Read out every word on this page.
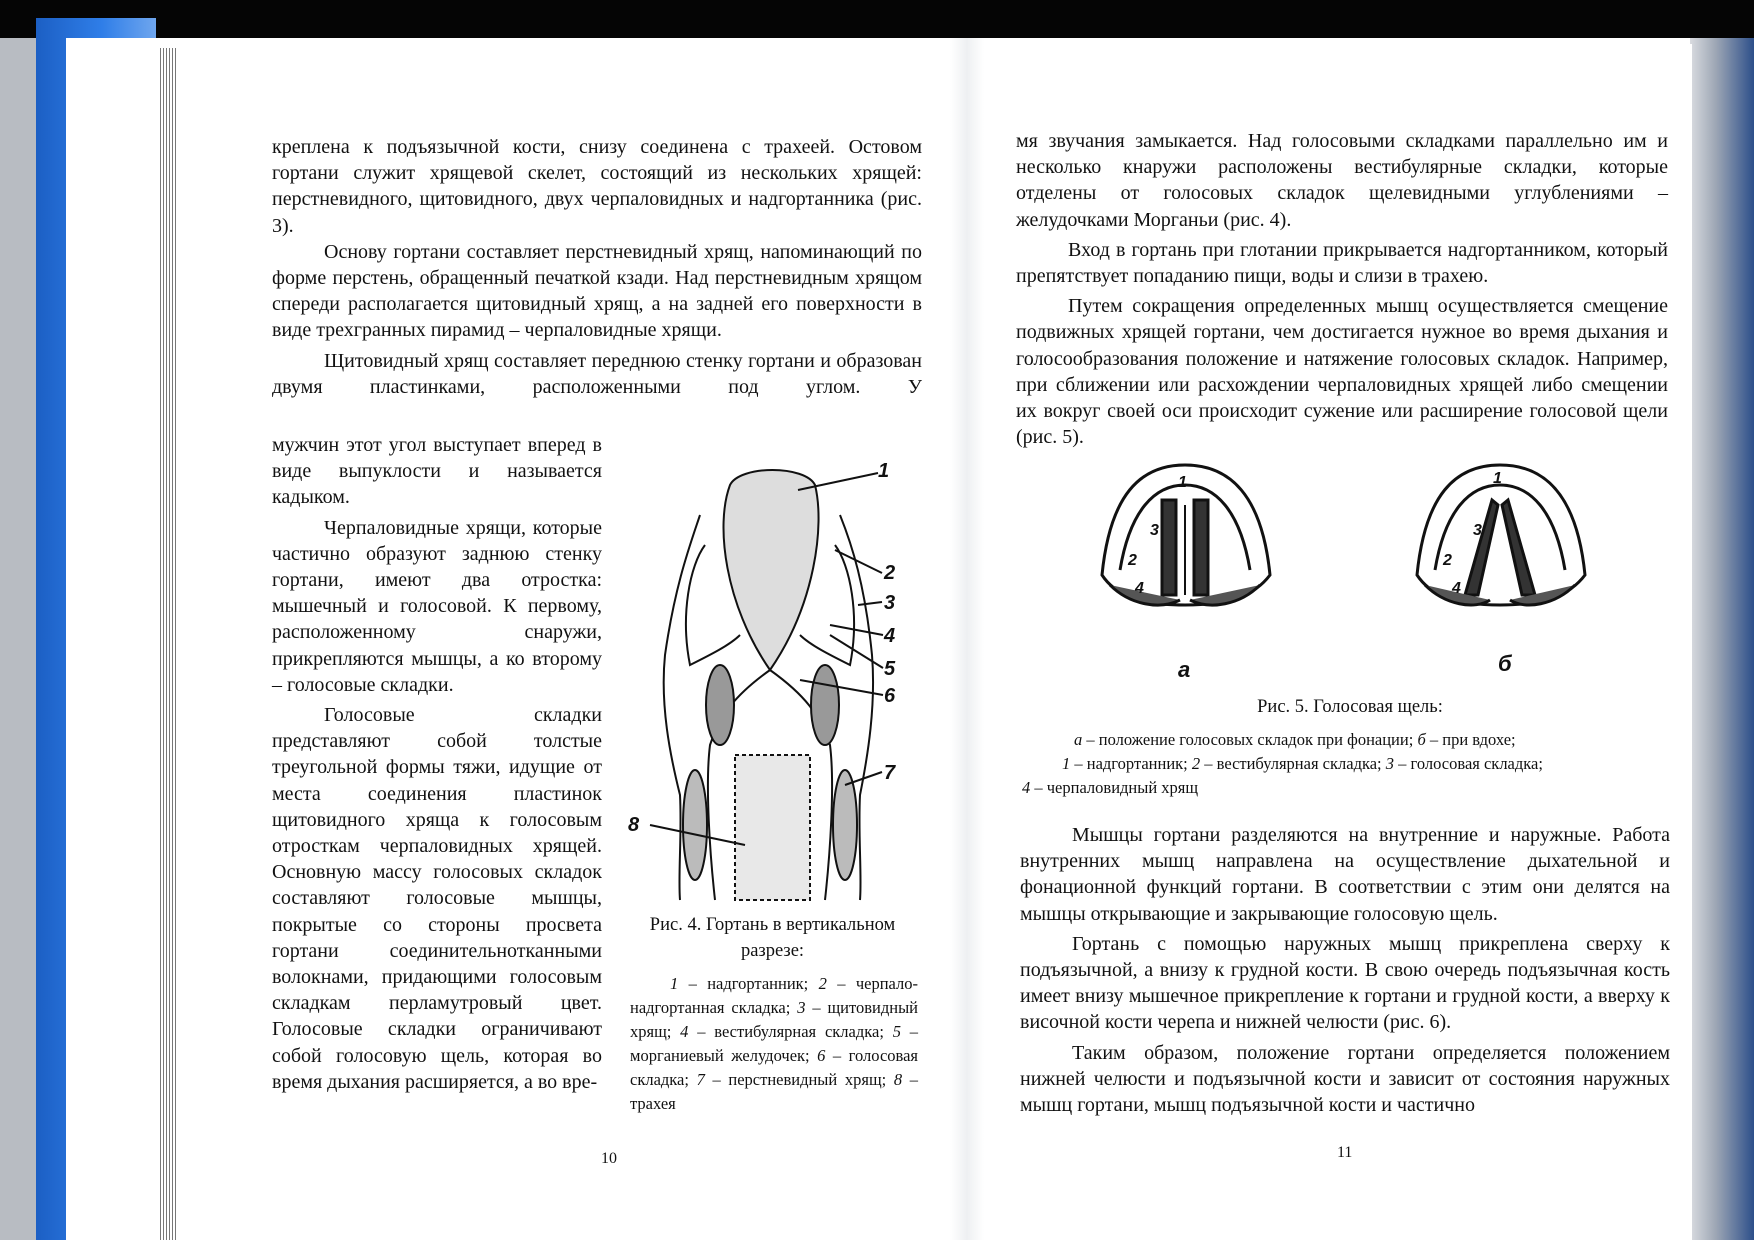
креплена к подъязычной кости, снизу соединена с трахеей. Остовом гортани служит хрящевой скелет, состоящий из нескольких хрящей: перстневидного, щитовидного, двух черпаловидных и надгортанника (рис. 3).

Основу гортани составляет перстневидный хрящ, напоминающий по форме перстень, обращенный печаткой кзади. Над перстневидным хрящом спереди располагается щитовидный хрящ, а на задней его поверхности в виде трехгранных пирамид – черпаловидные хрящи.

Щитовидный хрящ составляет переднюю стенку гортани и образован двумя пластинками, расположенными под углом. У

мужчин этот угол выступает вперед в виде выпуклости и называется кадыком.

Черпаловидные хрящи, которые частично образуют заднюю стенку гортани, имеют два отростка: мышечный и голосовой. К первому, расположенному снаружи, прикрепляются мышцы, а ко второму – голосовые складки.

Голосовые складки представляют собой толстые треугольной формы тяжи, идущие от места соединения пластинок щитовидного хряща к голосовым отросткам черпаловидных хрящей. Основную массу голосовых складок составляют голосовые мышцы, покрытые со стороны просвета гортани соединительнотканными волокнами, придающими голосовым складкам перламутровый цвет. Голосовые складки ограничивают собой голосовую щель, которая во время дыхания расширяется, а во вре-

1
2
3
4
5
6
7
8
Рис. 4. Гортань в вертикальном разрезе:
1 – надгортанник; 2 – черпало-надгортанная складка; 3 – щитовидный хрящ; 4 – вестибулярная складка; 5 – морганиевый желудочек; 6 – голосовая складка; 7 – перстневидный хрящ; 8 – трахея
10

мя звучания замыкается. Над голосовыми складками параллельно им и несколько кнаружи расположены вестибулярные складки, которые отделены от голосовых складок щелевидными углублениями – желудочками Морганьи (рис. 4).

Вход в гортань при глотании прикрывается надгортанником, который препятствует попаданию пищи, воды и слизи в трахею.

Путем сокращения определенных мышц осуществляется смещение подвижных хрящей гортани, чем достигается нужное во время дыхания и голосообразования положение и натяжение голосовых складок. Например, при сближении или расхождении черпаловидных хрящей либо смещении их вокруг своей оси происходит сужение или расширение голосовой щели (рис. 5).

1
2
3
4
1
2
3
4
а	б
Рис. 5. Голосовая щель:
а – положение голосовых складок при фонации; б – при вдохе;
1 – надгортанник; 2 – вестибулярная складка; 3 – голосовая складка;
4 – черпаловидный хрящ

Мышцы гортани разделяются на внутренние и наружные. Работа внутренних мышц направлена на осуществление дыхательной и фонационной функций гортани. В соответствии с этим они делятся на мышцы открывающие и закрывающие голосовую щель.

Гортань с помощью наружных мышц прикреплена сверху к подъязычной, а внизу к грудной кости. В свою очередь подъязычная кость имеет внизу мышечное прикрепление к гортани и грудной кости, а вверху к височной кости черепа и нижней челюсти (рис. 6).

Таким образом, положение гортани определяется положением нижней челюсти и подъязычной кости и зависит от состояния наружных мышц гортани, мышц подъязычной кости и частично

11
